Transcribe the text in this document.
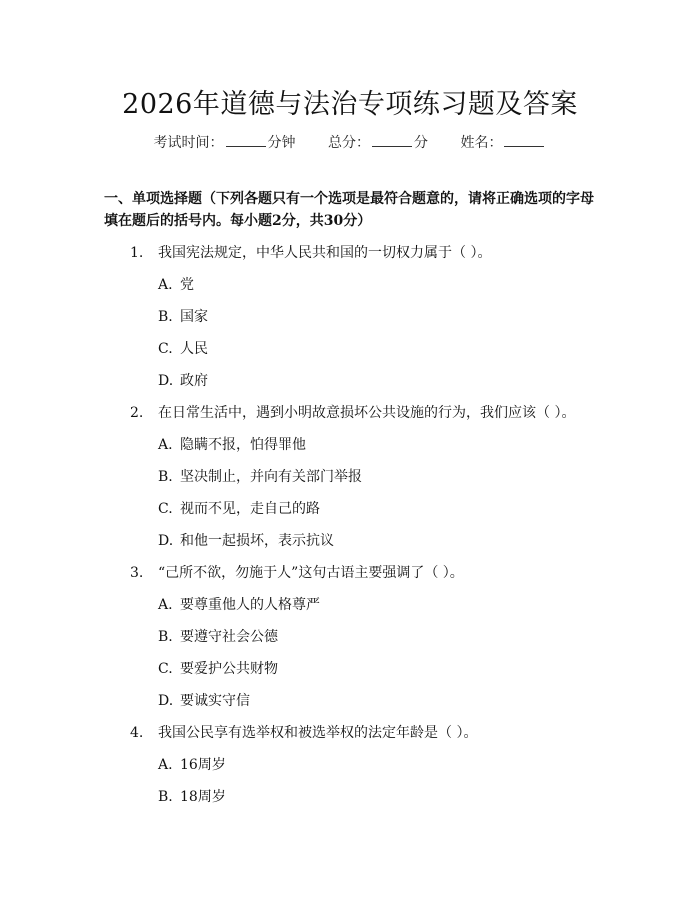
2026年道德与法治专项练习题及答案
考试时间：	分钟 总分：	分 姓名：
一、单项选择题（下列各题只有一个选项是最符合题意的，请将正确选项的字母
填在题后的括号内。每小题2分，共30分）
1. 我国宪法规定，中华人民共和国的一切权力属于（ ）。
A. 党
B. 国家
C. 人民
D. 政府
2. 在日常生活中，遇到小明故意损坏公共设施的行为，我们应该（ ）。
A. 隐瞒不报，怕得罪他
B. 坚决制止，并向有关部门举报
C. 视而不见，走自己的路
D. 和他一起损坏，表示抗议
3. “己所不欲，勿施于人”这句古语主要强调了（ ）。
A. 要尊重他人的人格尊严
B. 要遵守社会公德
C. 要爱护公共财物
D. 要诚实守信
4. 我国公民享有选举权和被选举权的法定年龄是（ ）。
A. 16周岁
B. 18周岁
